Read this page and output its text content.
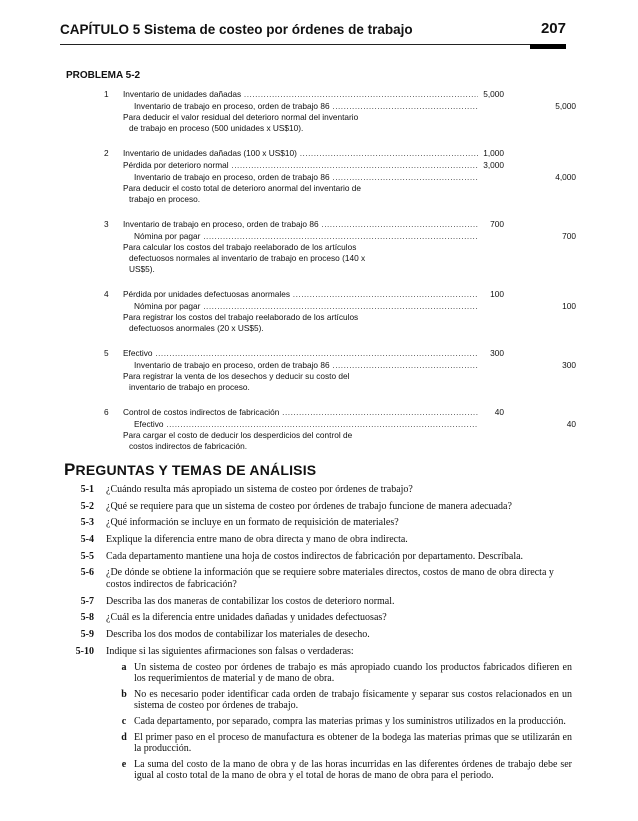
CAPÍTULO 5 Sistema de costeo por órdenes de trabajo	207
PROBLEMA 5-2
1 Inventario de unidades dañadas .....	5,000
Inventario de trabajo en proceso, orden de trabajo 86 .....	5,000
Para deducir el valor residual del deterioro normal del inventario
de trabajo en proceso (500 unidades x US$10).
2 Inventario de unidades dañadas (100 x US$10) .....	1,000
Pérdida por deterioro normal .....	3,000
Inventario de trabajo en proceso, orden de trabajo 86 .....	4,000
Para deducir el costo total de deterioro anormal del inventario de
trabajo en proceso.
3 Inventario de trabajo en proceso, orden de trabajo 86 .....	700
Nómina por pagar .....	700
Para calcular los costos del trabajo reelaborado de los artículos
defectuosos normales al inventario de trabajo en proceso (140 x US$5).
4 Pérdida por unidades defectuosas anormales .....	100
Nómina por pagar .....	100
Para registrar los costos del trabajo reelaborado de los artículos
defectuosos anormales (20 x US$5).
5 Efectivo .....	300
Inventario de trabajo en proceso, orden de trabajo 86 .....	300
Para registrar la venta de los desechos y deducir su costo del
inventario de trabajo en proceso.
6 Control de costos indirectos de fabricación .....	40
Efectivo .....	40
Para cargar el costo de deducir los desperdicios del control de
costos indirectos de fabricación.
PREGUNTAS Y TEMAS DE ANÁLISIS
5-1 ¿Cuándo resulta más apropiado un sistema de costeo por órdenes de trabajo?
5-2 ¿Qué se requiere para que un sistema de costeo por órdenes de trabajo funcione de manera adecuada?
5-3 ¿Qué información se incluye en un formato de requisición de materiales?
5-4 Explique la diferencia entre mano de obra directa y mano de obra indirecta.
5-5 Cada departamento mantiene una hoja de costos indirectos de fabricación por departamento. Descríbala.
5-6 ¿De dónde se obtiene la información que se requiere sobre materiales directos, costos de mano de obra directa y costos indirectos de fabricación?
5-7 Describa las dos maneras de contabilizar los costos de deterioro normal.
5-8 ¿Cuál es la diferencia entre unidades dañadas y unidades defectuosas?
5-9 Describa los dos modos de contabilizar los materiales de desecho.
5-10 Indique si las siguientes afirmaciones son falsas o verdaderas:
a Un sistema de costeo por órdenes de trabajo es más apropiado cuando los productos fabricados difieren en los requerimientos de material y de mano de obra.
b No es necesario poder identificar cada orden de trabajo físicamente y separar sus costos relacionados en un sistema de costeo por órdenes de trabajo.
c Cada departamento, por separado, compra las materias primas y los suministros utilizados en la producción.
d El primer paso en el proceso de manufactura es obtener de la bodega las materias primas que se utilizarán en la producción.
e La suma del costo de la mano de obra y de las horas incurridas en las diferentes órdenes de trabajo debe ser igual al costo total de la mano de obra y el total de horas de mano de obra para el periodo.
